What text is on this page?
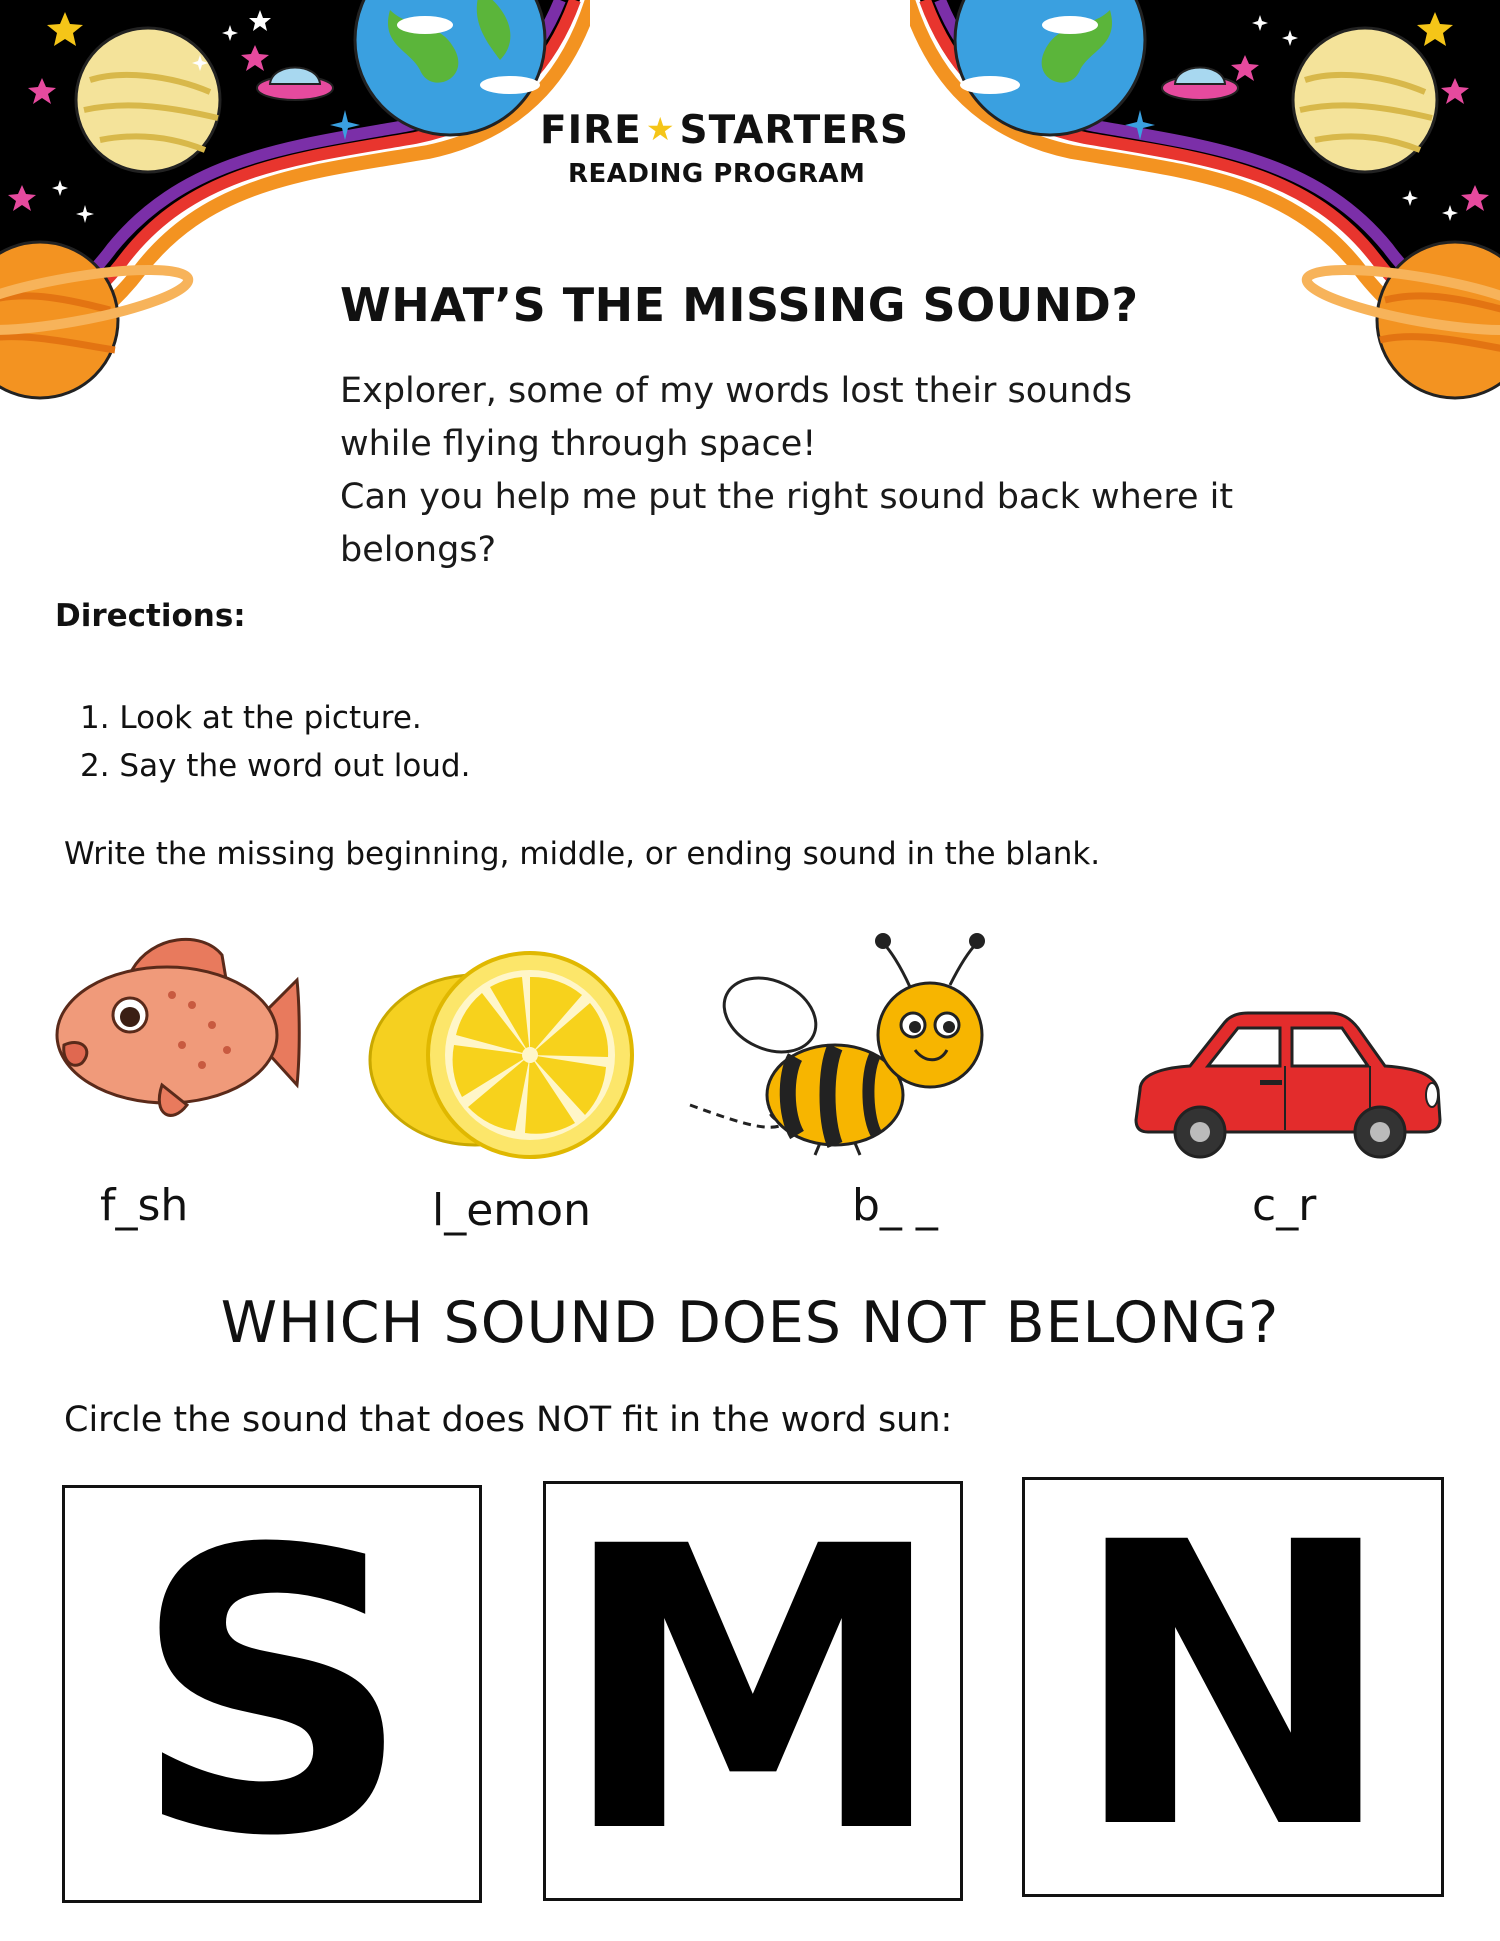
FIRE ★ STARTERS
READING PROGRAM
WHAT’S THE MISSING SOUND?

Explorer, some of my words lost their sounds

while flying through space!

Can you help me put the right sound back where it

belongs?

Directions:
1. Look at the picture.
2. Say the word out loud.
Write the missing beginning, middle, or ending sound in the blank.
f_sh	l_emon	b_ _	c_r
WHICH SOUND DOES NOT BELONG?
Circle the sound that does NOT fit in the word sun:
S M N
